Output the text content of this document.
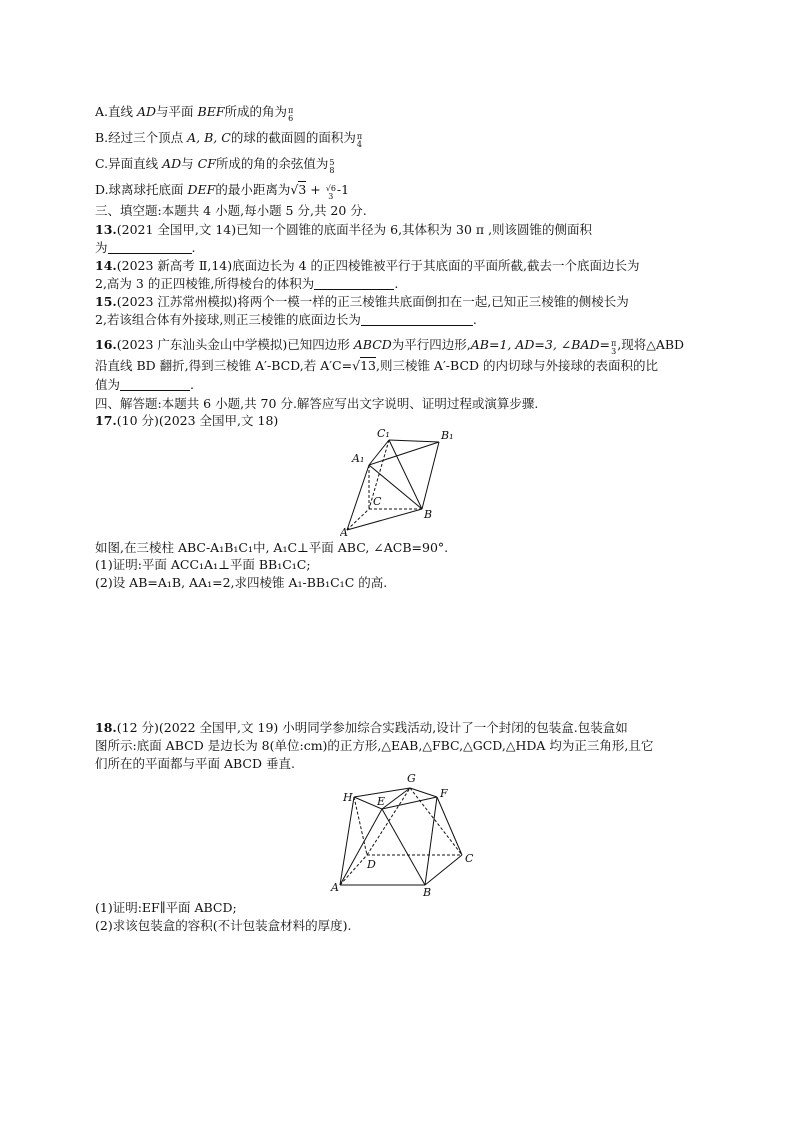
A.直线 AD与平面 BEF所成的角为 π
6
B.经过三个顶点 A, B, C的球的截面圆的面积为 π
4
C.异面直线 AD与 CF所成的角的余弦值为 5
8
D.球离球托底面 DEF的最小距离为√3 + √6
3 -1
三、填空题:本题共 4 小题,每小题 5 分,共 20 分.
13.(2021 全国甲,文 14)已知一个圆锥的底面半径为 6,其体积为 30 π ,则该圆锥的侧面积
为	.
14.(2023 新高考 Ⅱ,14)底面边长为 4 的正四棱锥被平行于其底面的平面所截,截去一个底面边长为
2,高为 3 的正四棱锥,所得棱台的体积为	.
15.(2023 江苏常州模拟)将两个一模一样的正三棱锥共底面倒扣在一起,已知正三棱锥的侧棱长为
2,若该组合体有外接球,则正三棱锥的底面边长为	.
16.(2023 广东汕头金山中学模拟)已知四边形 ABCD为平行四边形,AB=1, AD=3, ∠BAD= π
3 ,现将△ABD
沿直线 BD 翻折,得到三棱锥 A′-BCD,若 A′C=√13,则三棱锥 A′-BCD 的内切球与外接球的表面积的比
值为	.
四、解答题:本题共 6 小题,共 70 分.解答应写出文字说明、证明过程或演算步骤.
17.(10 分)(2023 全国甲,文 18)
C₁	B₁
A₁
C
A
B
如图,在三棱柱 ABC-A₁B₁C₁中, A₁C⊥平面 ABC, ∠ACB=90°.
(1)证明:平面 ACC₁A₁⊥平面 BB₁C₁C;
(2)设 AB=A₁B, AA₁=2,求四棱锥 A₁-BB₁C₁C 的高.
18.(12 分)(2022 全国甲,文 19) 小明同学参加综合实践活动,设计了一个封闭的包装盒.包装盒如
图所示:底面 ABCD 是边长为 8(单位:cm)的正方形,△EAB,△FBC,△GCD,△HDA 均为正三角形,且它
们所在的平面都与平面 ABCD 垂直.
G
H E
F
D	C
A	B
(1)证明:EF∥平面 ABCD;
(2)求该包装盒的容积(不计包装盒材料的厚度).
